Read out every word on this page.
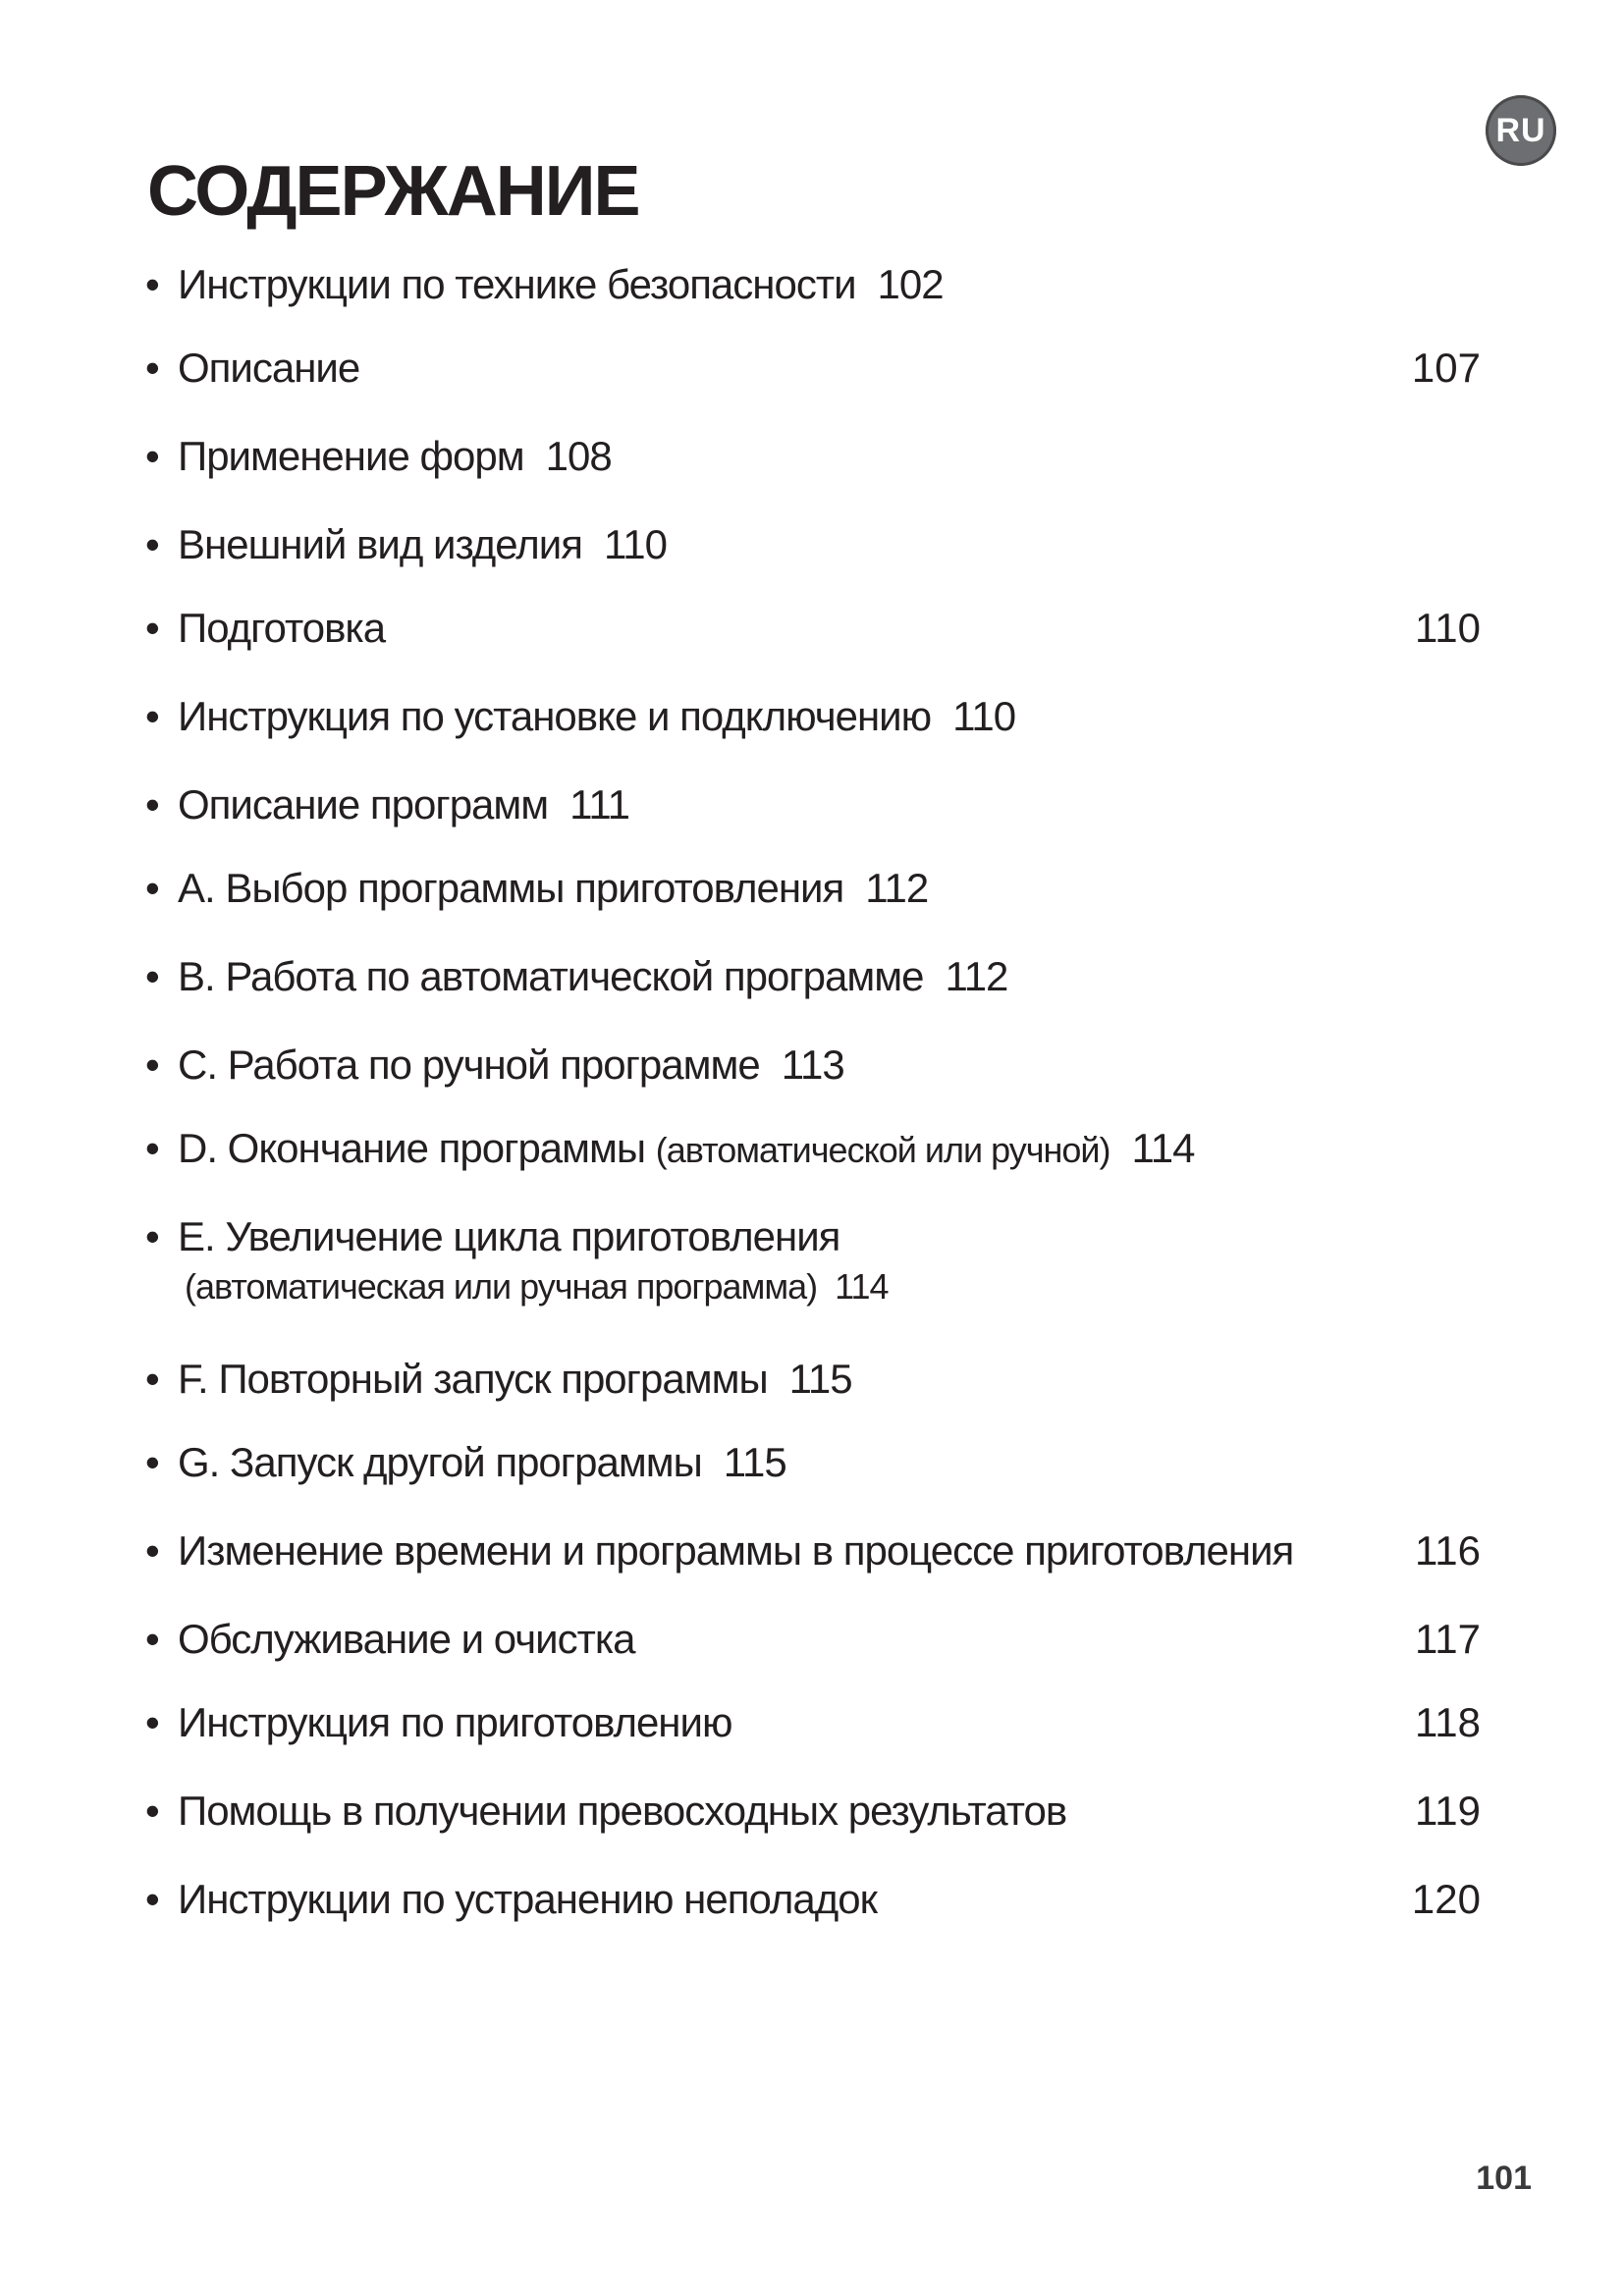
RU
СОДЕРЖАНИЕ
• Инструкции по технике безопасности 102
• Описание	107
• Применение форм 108
• Внешний вид изделия 110
• Подготовка	110
• Инструкция по установке и подключению 110
• Описание программ 111
• A. Выбор программы приготовления 112
• B. Работа по автоматической программе 112
• C. Работа по ручной программе 113
• D. Окончание программы (автоматической или ручной) 114
• E. Увеличение цикла приготовления
(автоматическая или ручная программа) 114
• F. Повторный запуск программы 115
• G. Запуск другой программы 115
• Изменение времени и программы в процессе приготовления	116
• Обслуживание и очистка	117
• Инструкция по приготовлению	118
• Помощь в получении превосходных результатов	119
• Инструкции по устранению неполадок	120
101
